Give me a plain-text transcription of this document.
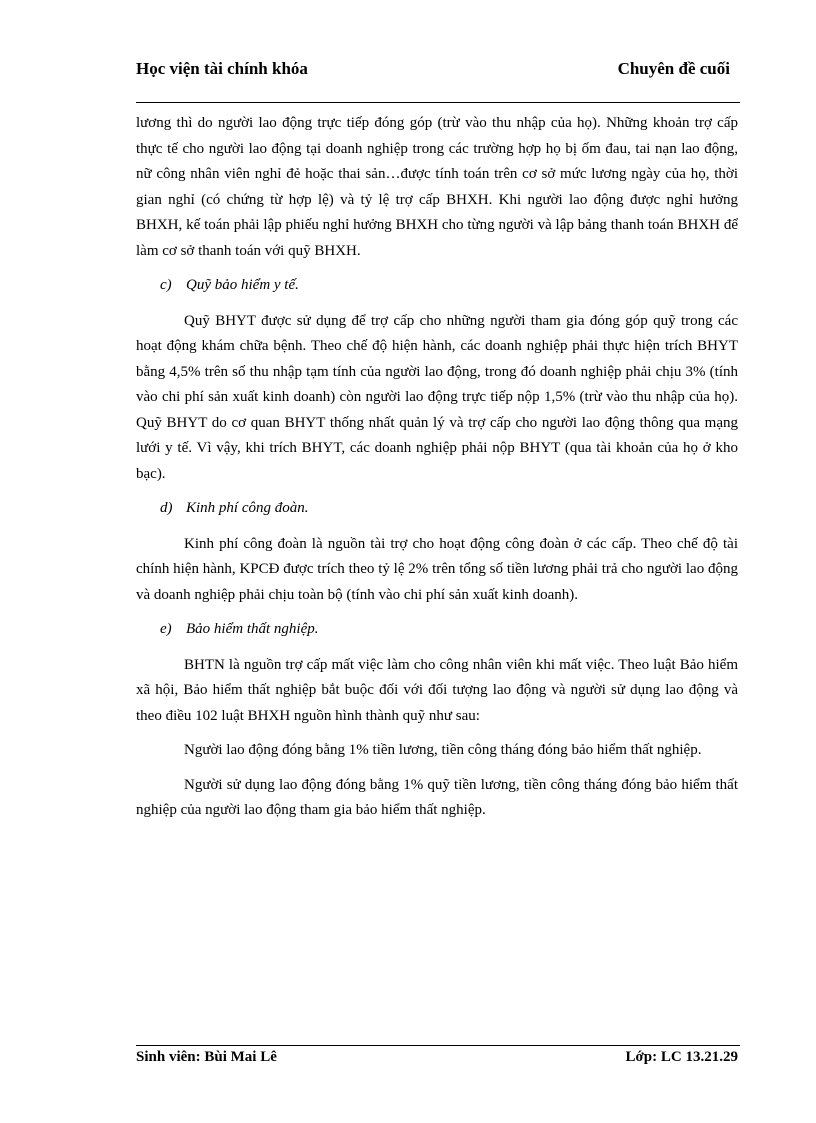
Học viện tài chính khóa	Chuyên đề cuối

lương thì do người lao động trực tiếp đóng góp (trừ vào thu nhập của họ). Những khoản trợ cấp thực tế cho người lao động tại doanh nghiệp trong các trường hợp họ bị ốm đau, tai nạn lao động, nữ công nhân viên nghỉ đẻ hoặc thai sản…được tính toán trên cơ sở mức lương ngày của họ, thời gian nghỉ (có chứng từ hợp lệ) và tỷ lệ trợ cấp BHXH. Khi người lao động được nghỉ hưởng BHXH, kế toán phải lập phiếu nghỉ hưởng BHXH cho từng người và lập bảng thanh toán BHXH để làm cơ sở thanh toán với quỹ BHXH.

c) Quỹ bảo hiểm y tế.

Quỹ BHYT được sử dụng để trợ cấp cho những người tham gia đóng góp quỹ trong các hoạt động khám chữa bệnh. Theo chế độ hiện hành, các doanh nghiệp phải thực hiện trích BHYT bằng 4,5% trên số thu nhập tạm tính của người lao động, trong đó doanh nghiệp phải chịu 3% (tính vào chi phí sản xuất kinh doanh) còn người lao động trực tiếp nộp 1,5% (trừ vào thu nhập của họ). Quỹ BHYT do cơ quan BHYT thống nhất quản lý và trợ cấp cho người lao động thông qua mạng lưới y tế. Vì vậy, khi trích BHYT, các doanh nghiệp phải nộp BHYT (qua tài khoản của họ ở kho bạc).

d) Kinh phí công đoàn.

Kinh phí công đoàn là nguồn tài trợ cho hoạt động công đoàn ở các cấp. Theo chế độ tài chính hiện hành, KPCĐ được trích theo tỷ lệ 2% trên tổng số tiền lương phải trả cho người lao động và doanh nghiệp phải chịu toàn bộ (tính vào chi phí sản xuất kinh doanh).

e) Bảo hiểm thất nghiệp.

BHTN là nguồn trợ cấp mất việc làm cho công nhân viên khi mất việc. Theo luật Bảo hiểm xã hội, Bảo hiểm thất nghiệp bắt buộc đối với đối tượng lao động và người sử dụng lao động và theo điều 102 luật BHXH nguồn hình thành quỹ như sau:

Người lao động đóng bằng 1% tiền lương, tiền công tháng đóng bảo hiểm thất nghiệp.

Người sử dụng lao động đóng bằng 1% quỹ tiền lương, tiền công tháng đóng bảo hiểm thất nghiệp của người lao động tham gia bảo hiểm thất nghiệp.

Sinh viên: Bùi Mai Lê	Lớp: LC 13.21.29
